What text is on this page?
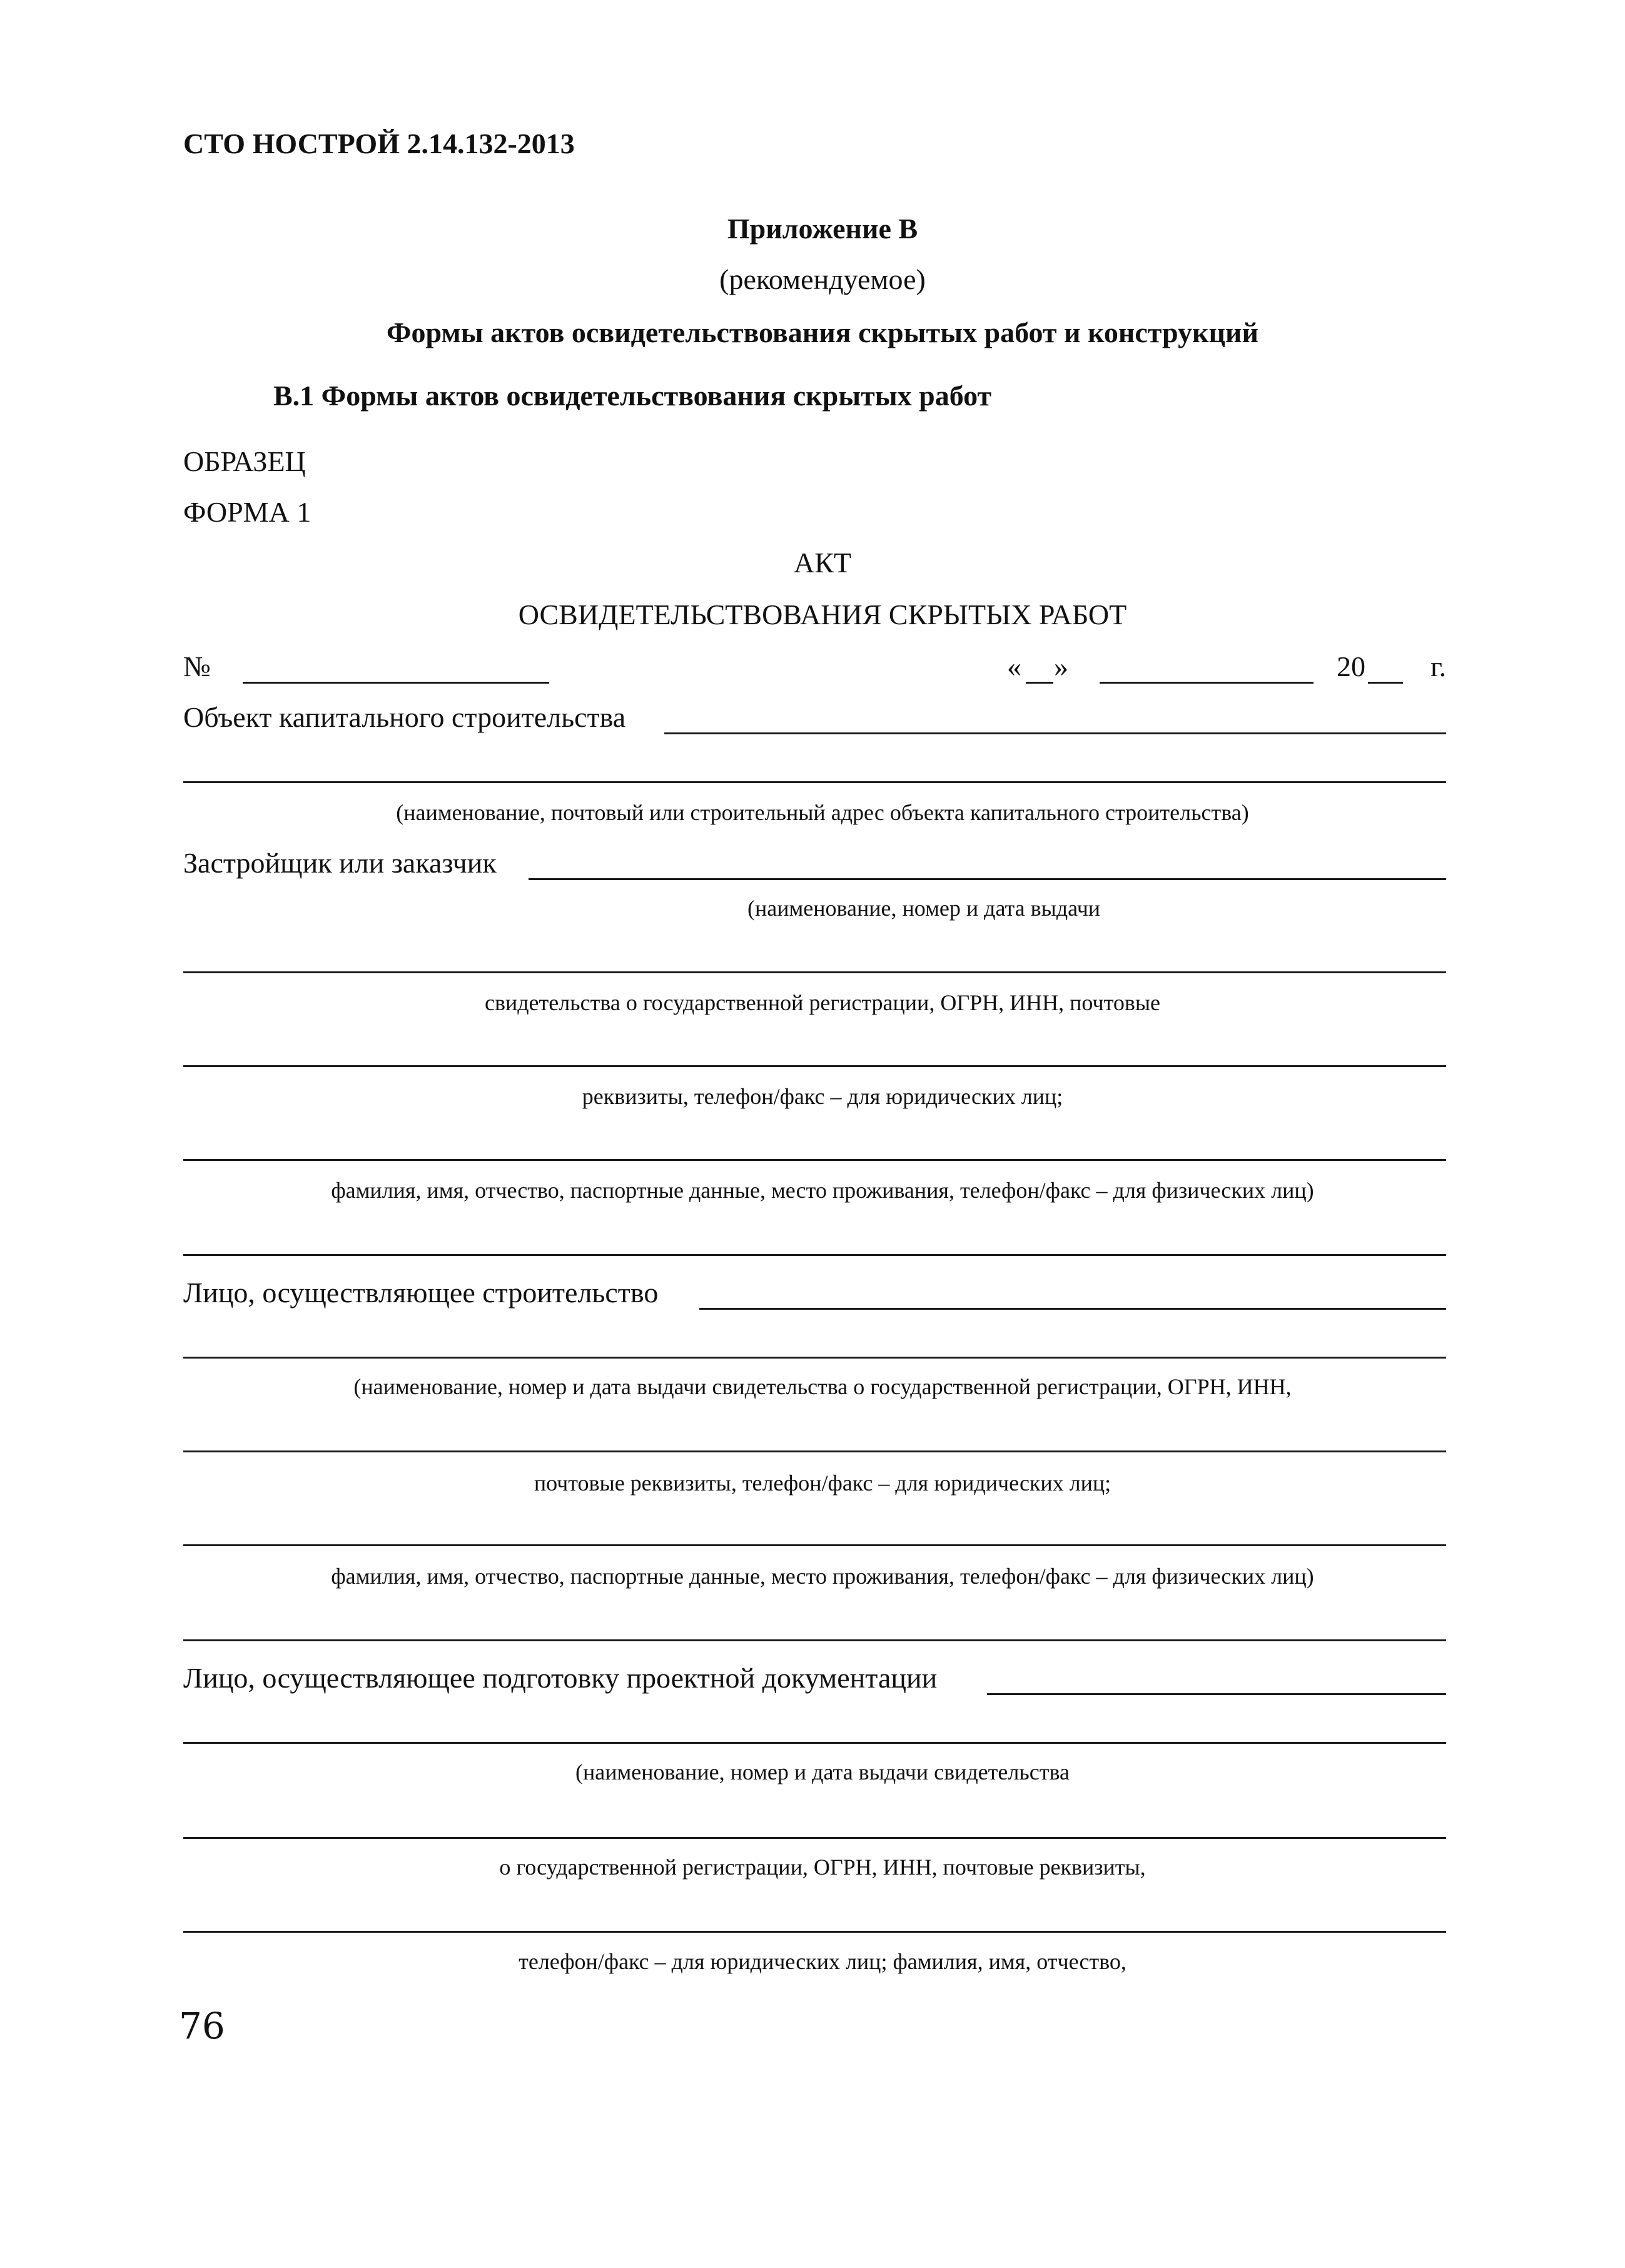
СТО НОСТРОЙ 2.14.132-2013
Приложение В
(рекомендуемое)
Формы актов освидетельствования скрытых работ и конструкций
В.1 Формы актов освидетельствования скрытых работ
ОБРАЗЕЦ
ФОРМА 1
АКТ
ОСВИДЕТЕЛЬСТВОВАНИЯ СКРЫТЫХ РАБОТ
№	« »	20 г.
Объект капитального строительства
(наименование, почтовый или строительный адрес объекта капитального строительства)
Застройщик или заказчик
(наименование, номер и дата выдачи
свидетельства о государственной регистрации, ОГРН, ИНН, почтовые
реквизиты, телефон/факс – для юридических лиц;
фамилия, имя, отчество, паспортные данные, место проживания, телефон/факс – для физических лиц)
Лицо, осуществляющее строительство
(наименование, номер и дата выдачи свидетельства о государственной регистрации, ОГРН, ИНН,
почтовые реквизиты, телефон/факс – для юридических лиц;
фамилия, имя, отчество, паспортные данные, место проживания, телефон/факс – для физических лиц)
Лицо, осуществляющее подготовку проектной документации
(наименование, номер и дата выдачи свидетельства
о государственной регистрации, ОГРН, ИНН, почтовые реквизиты,
телефон/факс – для юридических лиц; фамилия, имя, отчество,
76
